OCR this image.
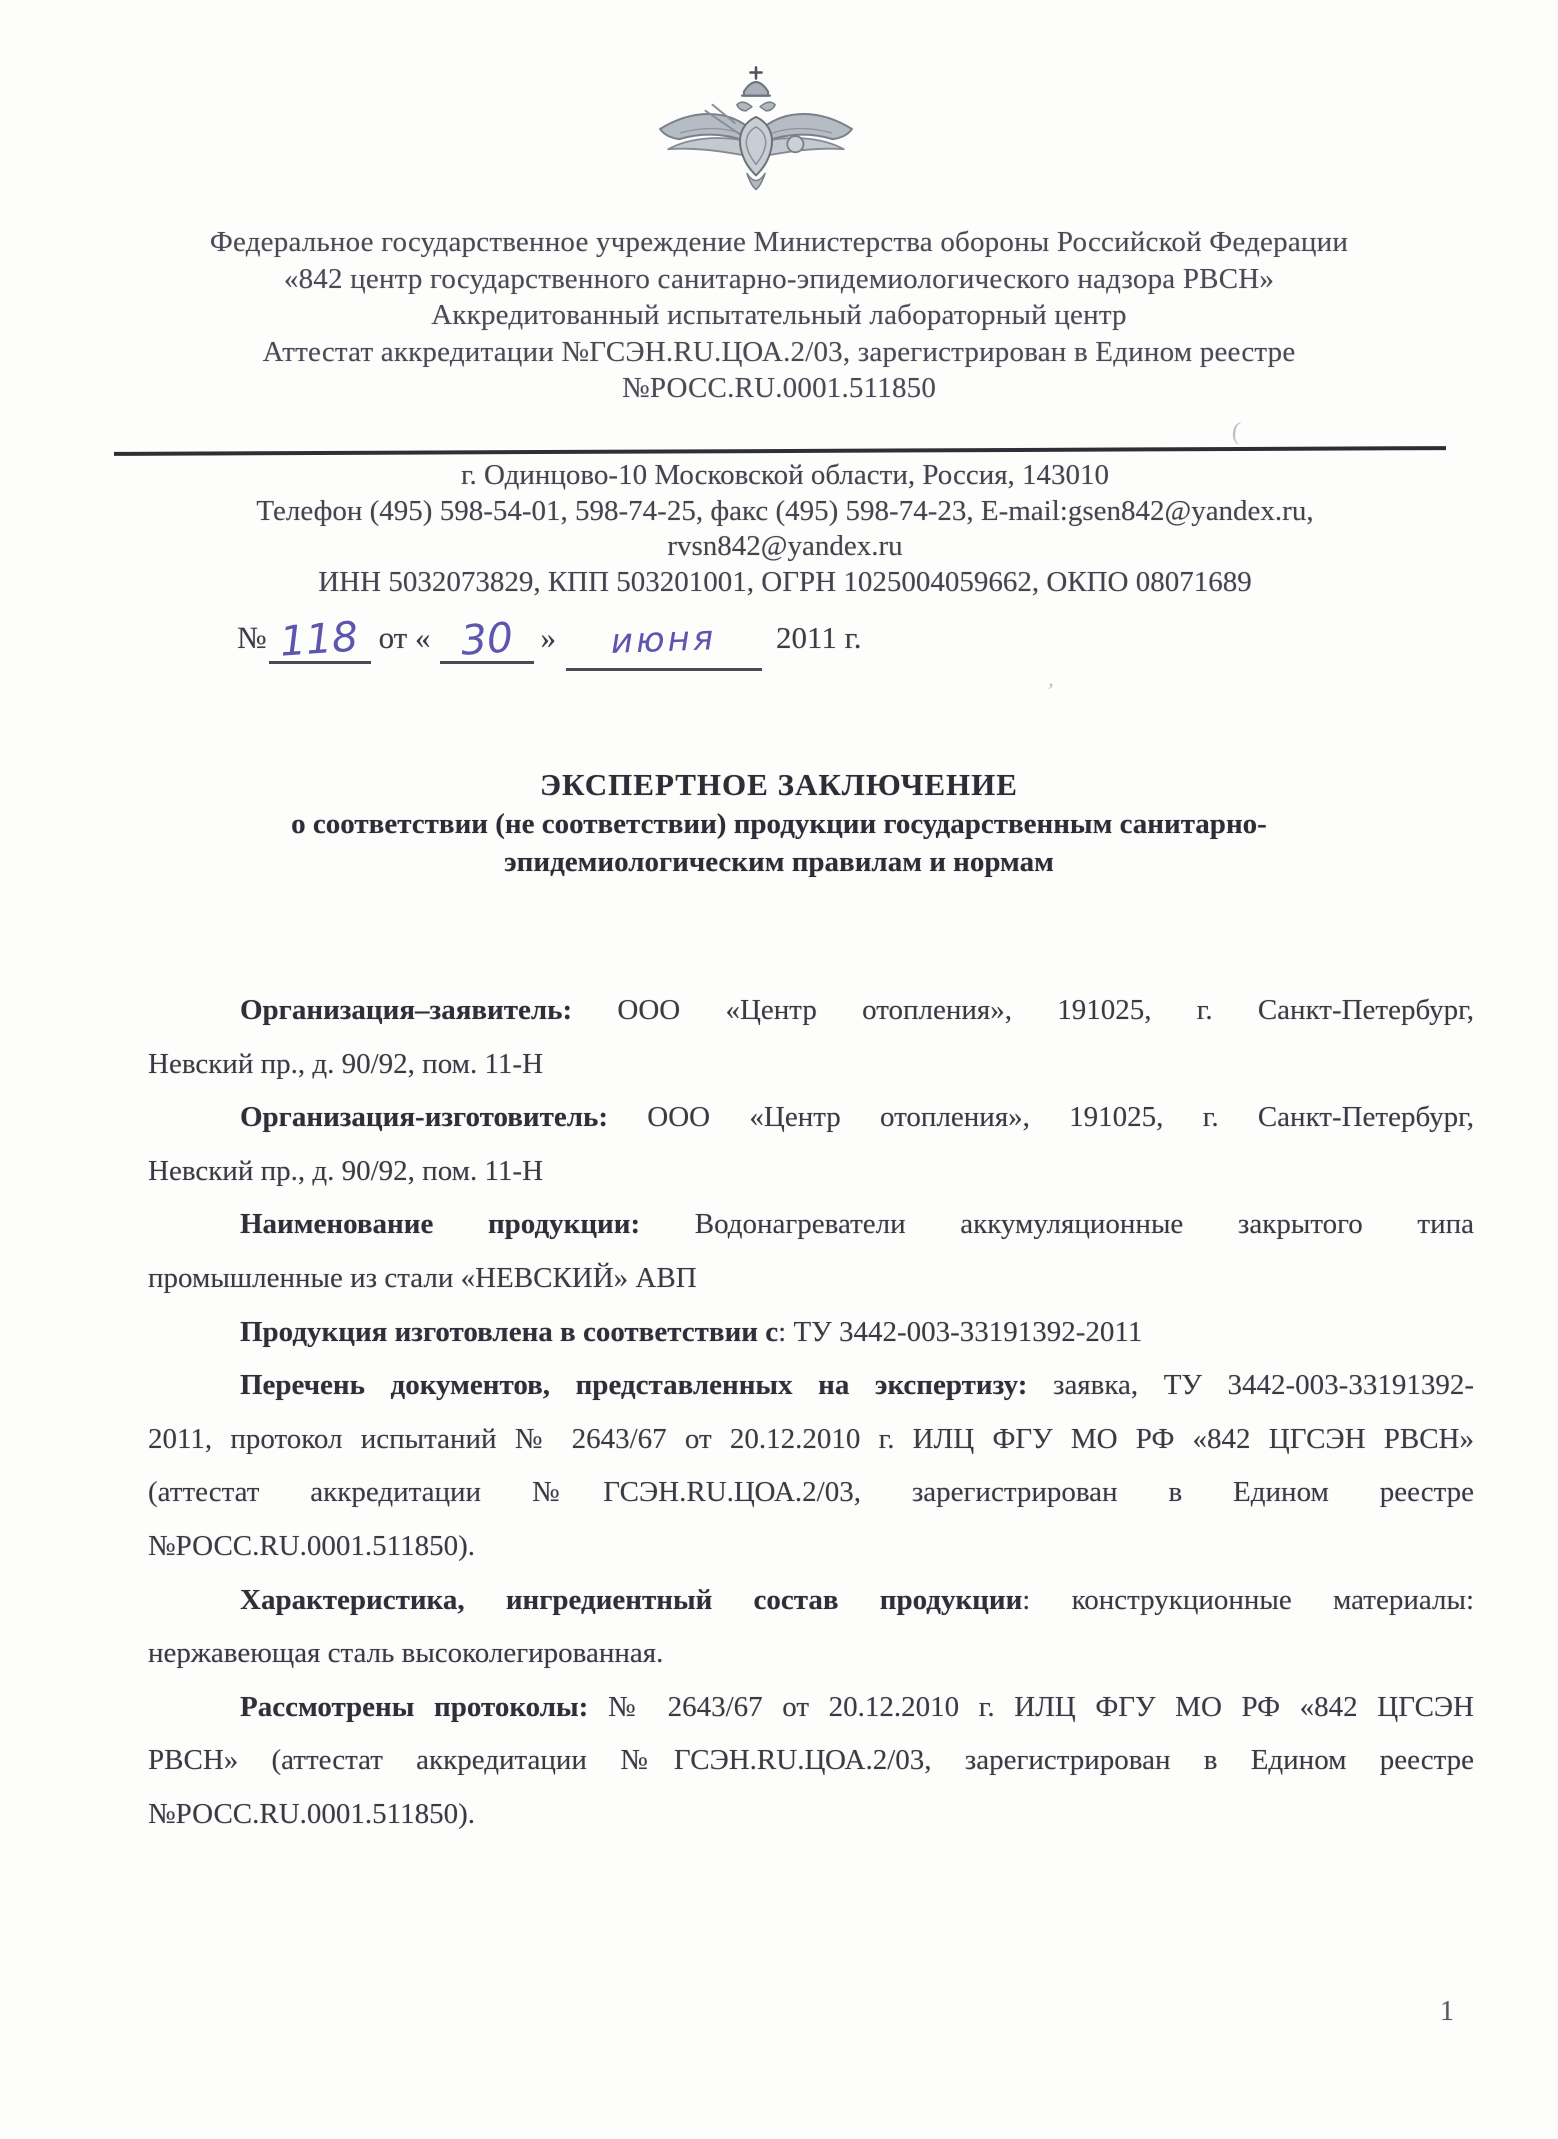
Федеральное государственное учреждение Министерства обороны Российской Федерации
«842 центр государственного санитарно-эпидемиологического надзора РВСН»
Аккредитованный испытательный лабораторный центр
Аттестат аккредитации №ГСЭН.RU.ЦОА.2/03, зарегистрирован в Едином реестре
№РОСС.RU.0001.511850
г. Одинцово-10 Московской области, Россия, 143010
Телефон (495) 598-54-01, 598-74-25, факс (495) 598-74-23, E-mail:gsen842@yandex.ru,
rvsn842@yandex.ru
ИНН 5032073829, КПП 503201001, ОГРН 1025004059662, ОКПО 08071689
№ 118 от « 30 » июня 2011 г.
ЭКСПЕРТНОЕ ЗАКЛЮЧЕНИЕ
о соответствии (не соответствии) продукции государственным санитарно-
эпидемиологическим правилам и нормам
Организация–заявитель: ООО «Центр отопления», 191025, г. Санкт-Петербург,
Невский пр., д. 90/92, пом. 11-Н
Организация-изготовитель: ООО «Центр отопления», 191025, г. Санкт-Петербург,
Невский пр., д. 90/92, пом. 11-Н
Наименование продукции: Водонагреватели аккумуляционные закрытого типа
промышленные из стали «НЕВСКИЙ» АВП
Продукция изготовлена в соответствии с: ТУ 3442-003-33191392-2011
Перечень документов, представленных на экспертизу: заявка, ТУ 3442-003-33191392-
2011, протокол испытаний № 2643/67 от 20.12.2010 г. ИЛЦ ФГУ МО РФ «842 ЦГСЭН РВСН»
(аттестат аккредитации №ГСЭН.RU.ЦОА.2/03, зарегистрирован в Едином реестре
№РОСС.RU.0001.511850).
Характеристика, ингредиентный состав продукции: конструкционные материалы:
нержавеющая сталь высоколегированная.
Рассмотрены протоколы: № 2643/67 от 20.12.2010 г. ИЛЦ ФГУ МО РФ «842 ЦГСЭН
РВСН» (аттестат аккредитации №ГСЭН.RU.ЦОА.2/03, зарегистрирован в Едином реестре
№РОСС.RU.0001.511850).
(
ʼ
1
